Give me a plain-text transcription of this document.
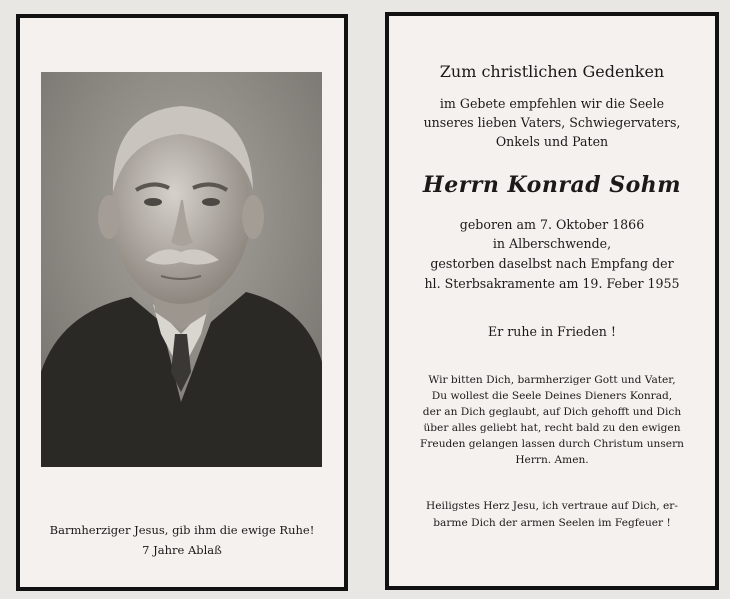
Barmherziger Jesus, gib ihm die ewige Ruhe!
7 Jahre Ablaß
Zum christlichen Gedenken
im Gebete empfehlen wir die Seele
unseres lieben Vaters, Schwiegervaters,
Onkels und Paten
Herrn Konrad Sohm
geboren am 7. Oktober 1866
in Alberschwende,
gestorben daselbst nach Empfang der
hl. Sterbsakramente am 19. Feber 1955
Er ruhe in Frieden !
Wir bitten Dich, barmherziger Gott und Vater,
Du wollest die Seele Deines Dieners Konrad,
der an Dich geglaubt, auf Dich gehofft und Dich
über alles geliebt hat, recht bald zu den ewigen
Freuden gelangen lassen durch Christum unsern
Herrn. Amen.
Heiligstes Herz Jesu, ich vertraue auf Dich, er-
barme Dich der armen Seelen im Fegfeuer !
